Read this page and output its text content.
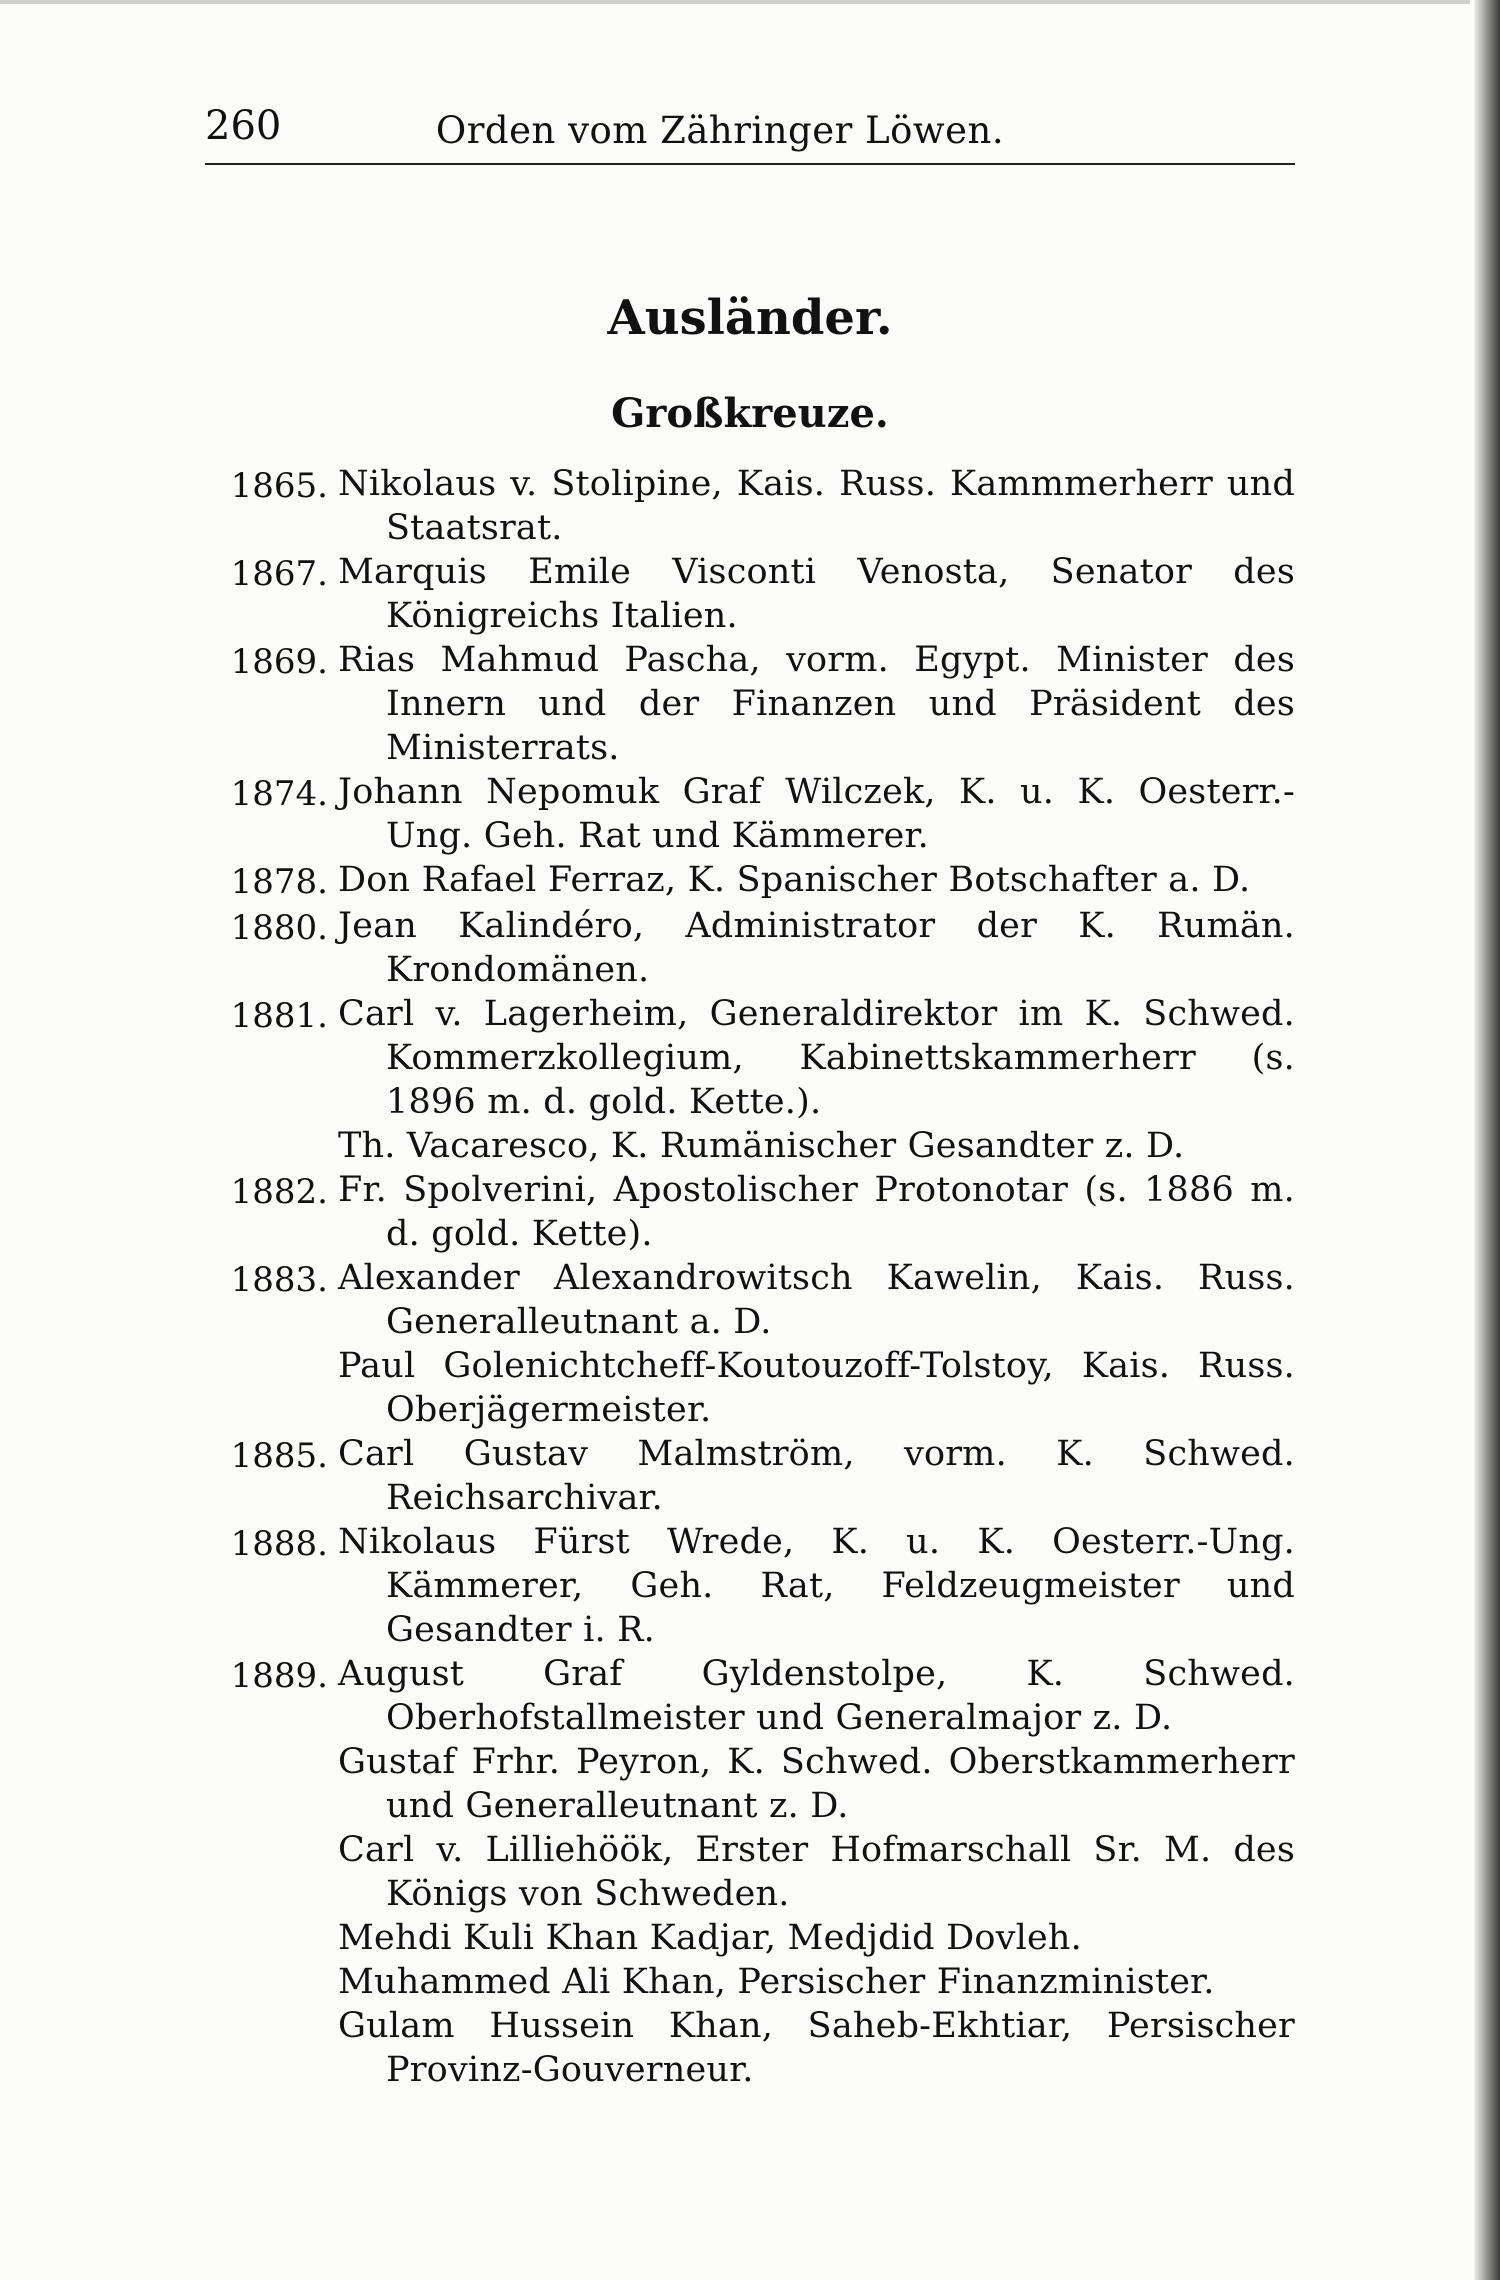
260	Orden vom Zähringer Löwen.
Ausländer.
Großkreuze.
1865. Nikolaus v. Stolipine, Kais. Russ. Kammmerherr und Staatsrat.
1867. Marquis Emile Visconti Venosta, Senator des Königreichs Italien.
1869. Rias Mahmud Pascha, vorm. Egypt. Minister des Innern und der Finanzen und Präsident des Ministerrats.
1874. Johann Nepomuk Graf Wilczek, K. u. K. Oesterr.-Ung. Geh. Rat und Kämmerer.
1878. Don Rafael Ferraz, K. Spanischer Botschafter a. D.
1880. Jean Kalindéro, Administrator der K. Rumän. Krondomänen.
1881. Carl v. Lagerheim, Generaldirektor im K. Schwed. Kommerzkollegium, Kabinettskammerherr (s. 1896 m. d. gold. Kette.).
Th. Vacaresco, K. Rumänischer Gesandter z. D.
1882. Fr. Spolverini, Apostolischer Protonotar (s. 1886 m. d. gold. Kette).
1883. Alexander Alexandrowitsch Kawelin, Kais. Russ. Generalleutnant a. D.
Paul Golenichtcheff-Koutouzoff-Tolstoy, Kais. Russ. Oberjägermeister.
1885. Carl Gustav Malmström, vorm. K. Schwed. Reichsarchivar.
1888. Nikolaus Fürst Wrede, K. u. K. Oesterr.-Ung. Kämmerer, Geh. Rat, Feldzeugmeister und Gesandter i. R.
1889. August Graf Gyldenstolpe, K. Schwed. Oberhofstallmeister und Generalmajor z. D.
Gustaf Frhr. Peyron, K. Schwed. Oberstkammerherr und Generalleutnant z. D.
Carl v. Lilliehöök, Erster Hofmarschall Sr. M. des Königs von Schweden.
Mehdi Kuli Khan Kadjar, Medjdid Dovleh.
Muhammed Ali Khan, Persischer Finanzminister.
Gulam Hussein Khan, Saheb-Ekhtiar, Persischer Provinz-Gouverneur.
